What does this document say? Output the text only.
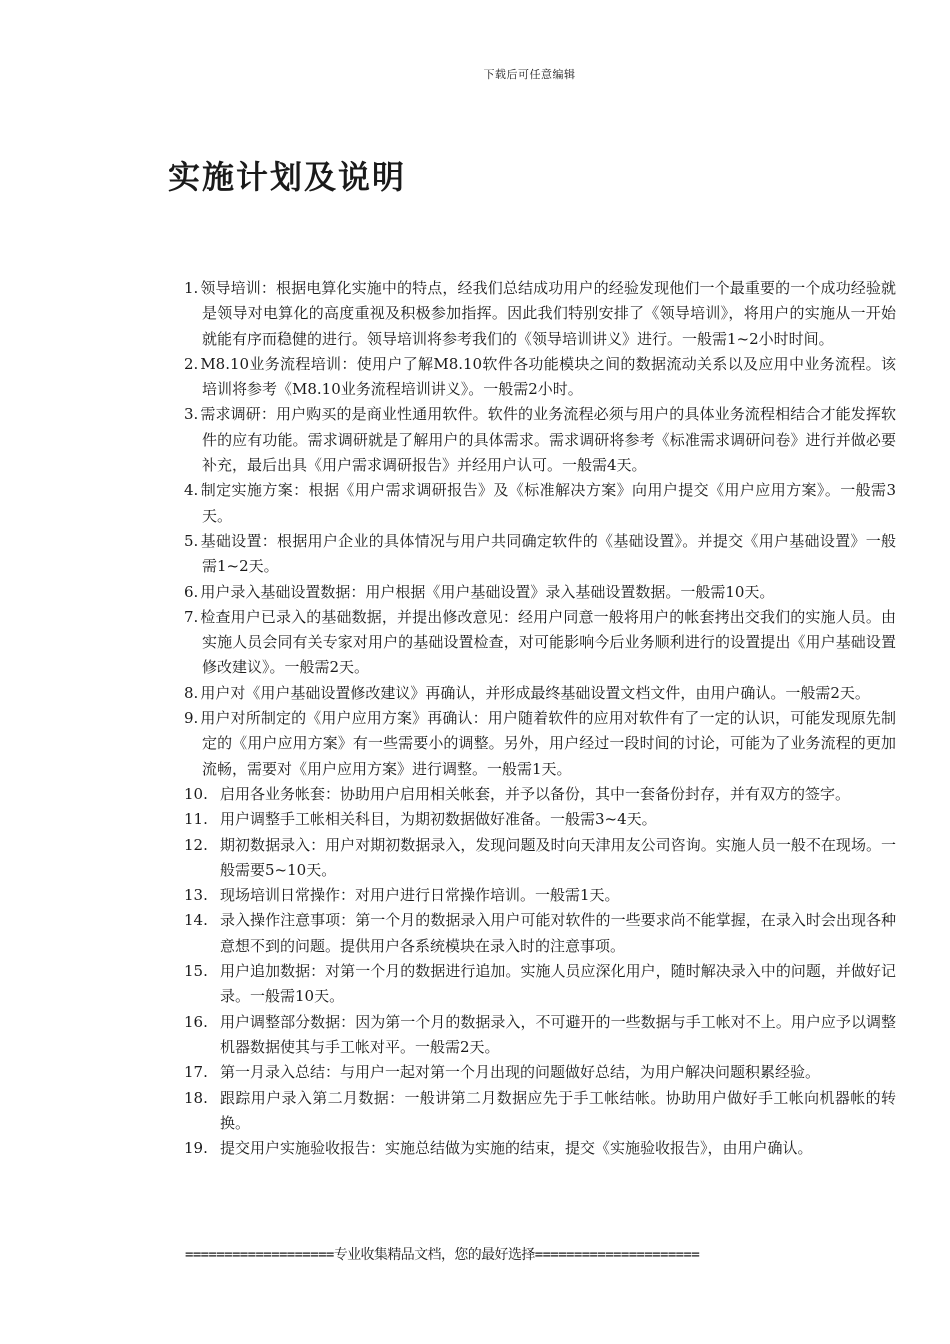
下载后可任意编辑
实施计划及说明
1. 领导培训：根据电算化实施中的特点，经我们总结成功用户的经验发现他们一个最重要的一个成功经验就是领导对电算化的高度重视及积极参加指挥。因此我们特别安排了《领导培训》，将用户的实施从一开始就能有序而稳健的进行。领导培训将参考我们的《领导培训讲义》进行。一般需1~2小时时间。
2. M8.10业务流程培训：使用户了解M8.10软件各功能模块之间的数据流动关系以及应用中业务流程。该培训将参考《M8.10业务流程培训讲义》。一般需2小时。
3. 需求调研：用户购买的是商业性通用软件。软件的业务流程必须与用户的具体业务流程相结合才能发挥软件的应有功能。需求调研就是了解用户的具体需求。需求调研将参考《标准需求调研问卷》进行并做必要补充，最后出具《用户需求调研报告》并经用户认可。一般需4天。
4. 制定实施方案：根据《用户需求调研报告》及《标准解决方案》向用户提交《用户应用方案》。一般需3天。
5. 基础设置：根据用户企业的具体情况与用户共同确定软件的《基础设置》。并提交《用户基础设置》一般需1~2天。
6. 用户录入基础设置数据：用户根据《用户基础设置》录入基础设置数据。一般需10天。
7. 检查用户已录入的基础数据，并提出修改意见：经用户同意一般将用户的帐套拷出交我们的实施人员。由实施人员会同有关专家对用户的基础设置检查，对可能影响今后业务顺利进行的设置提出《用户基础设置修改建议》。一般需2天。
8. 用户对《用户基础设置修改建议》再确认，并形成最终基础设置文档文件，由用户确认。一般需2天。
9. 用户对所制定的《用户应用方案》再确认：用户随着软件的应用对软件有了一定的认识，可能发现原先制定的《用户应用方案》有一些需要小的调整。另外，用户经过一段时间的讨论，可能为了业务流程的更加流畅，需要对《用户应用方案》进行调整。一般需1天。
10. 启用各业务帐套：协助用户启用相关帐套，并予以备份，其中一套备份封存，并有双方的签字。
11. 用户调整手工帐相关科目，为期初数据做好准备。一般需3~4天。
12. 期初数据录入：用户对期初数据录入，发现问题及时向天津用友公司咨询。实施人员一般不在现场。一般需要5~10天。
13. 现场培训日常操作：对用户进行日常操作培训。一般需1天。
14. 录入操作注意事项：第一个月的数据录入用户可能对软件的一些要求尚不能掌握，在录入时会出现各种意想不到的问题。提供用户各系统模块在录入时的注意事项。
15. 用户追加数据：对第一个月的数据进行追加。实施人员应深化用户，随时解决录入中的问题，并做好记录。一般需10天。
16. 用户调整部分数据：因为第一个月的数据录入，不可避开的一些数据与手工帐对不上。用户应予以调整机器数据使其与手工帐对平。一般需2天。
17. 第一月录入总结：与用户一起对第一个月出现的问题做好总结，为用户解决问题积累经验。
18. 跟踪用户录入第二月数据：一般讲第二月数据应先于手工帐结帐。协助用户做好手工帐向机器帐的转换。
19. 提交用户实施验收报告：实施总结做为实施的结束，提交《实施验收报告》，由用户确认。
===================专业收集精品文档，您的最好选择=====================
